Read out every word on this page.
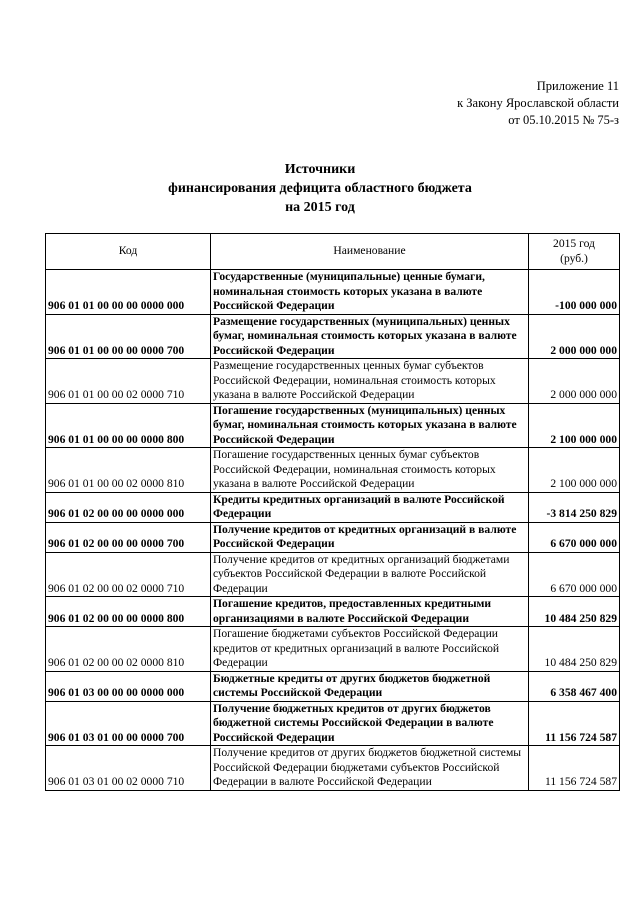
Приложение 11
к Закону Ярославской области
от 05.10.2015 № 75-з
Источники
финансирования дефицита областного бюджета
на 2015 год
Код	Наименование	2015 год
(руб.)

906 01 01 00 00 00 0000 000	Государственные (муниципальные) ценные бумаги, номинальная стоимость которых указана в валюте Российской Федерации	-100 000 000
906 01 01 00 00 00 0000 700	Размещение государственных (муниципальных) ценных бумаг, номинальная стоимость которых указана в валюте Российской Федерации	2 000 000 000
906 01 01 00 00 02 0000 710	Размещение государственных ценных бумаг субъектов Российской Федерации, номинальная стоимость которых указана в валюте Российской Федерации	2 000 000 000
906 01 01 00 00 00 0000 800	Погашение государственных (муниципальных) ценных бумаг, номинальная стоимость которых указана в валюте Российской Федерации	2 100 000 000
906 01 01 00 00 02 0000 810	Погашение государственных ценных бумаг субъектов Российской Федерации, номинальная стоимость которых указана в валюте Российской Федерации	2 100 000 000
906 01 02 00 00 00 0000 000	Кредиты кредитных организаций в валюте Российской Федерации	-3 814 250 829
906 01 02 00 00 00 0000 700	Получение кредитов от кредитных организаций в валюте Российской Федерации	6 670 000 000
906 01 02 00 00 02 0000 710	Получение кредитов от кредитных организаций бюджетами субъектов Российской Федерации в валюте Российской Федерации	6 670 000 000
906 01 02 00 00 00 0000 800	Погашение кредитов, предоставленных кредитными организациями в валюте Российской Федерации	10 484 250 829
906 01 02 00 00 02 0000 810	Погашение бюджетами субъектов Российской Федерации кредитов от кредитных организаций в валюте Российской Федерации	10 484 250 829
906 01 03 00 00 00 0000 000	Бюджетные кредиты от других бюджетов бюджетной системы Российской Федерации	6 358 467 400
906 01 03 01 00 00 0000 700	Получение бюджетных кредитов от других бюджетов бюджетной системы Российской Федерации в валюте Российской Федерации	11 156 724 587
906 01 03 01 00 02 0000 710	Получение кредитов от других бюджетов бюджетной системы Российской Федерации бюджетами субъектов Российской Федерации в валюте Российской Федерации	11 156 724 587
